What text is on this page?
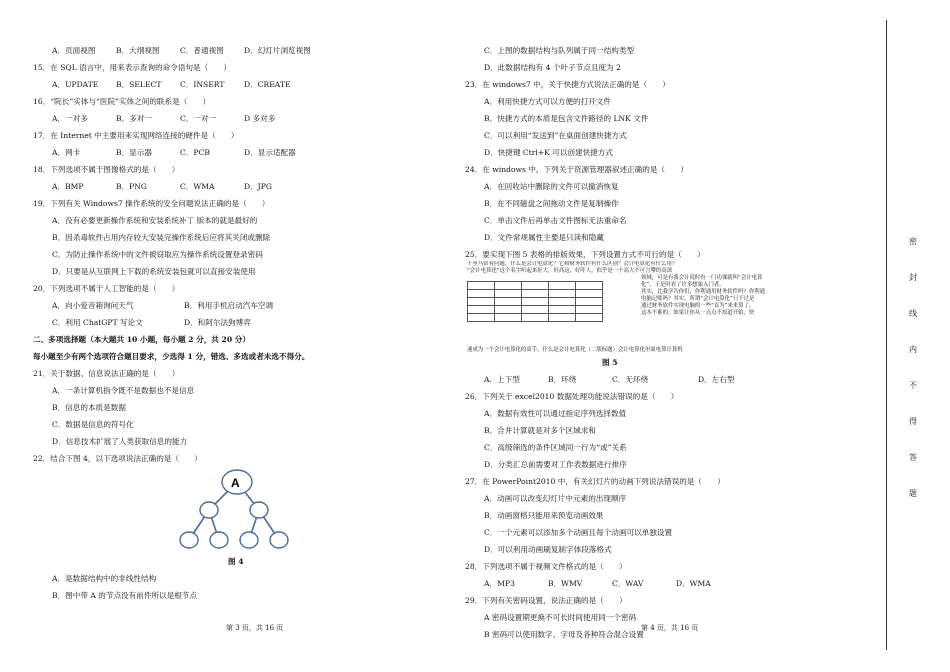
A．页面视图	B．大纲视图	C．普通视图	D．幻灯片浏览视图
15．在 SQL 语言中，用来表示查询的命令语句是（　　）
A．UPDATE B．SELECT C．INSERT	D．CREATE
16．“院长”实体与“医院”实体之间的联系是（　　）
A．一对多	B．多对一	C．一对一	D 多对多
17．在 Internet 中主要用来实现网络连接的硬件是（　　）
A．网卡	B．显示器	C．PCB	D．显示适配器
18．下列选项不属于图像格式的是（　　）
A．BMP	B．PNG	C．WMA	D．JPG
19．下列有关 Windows7 操作系统的安全问题说法正确的是（　　）
A．没有必要更新操作系统和安装系统补丁 版本的就是最好的
B．因杀毒软件占用内存较大安装完操作系统后应将其关闭或删除
C．为防止操作系统中的文件被窃取应为操作系统设置登录密码
D．只要是从互联网上下载的系统安装包就可以直接安装使用
20．下列选项不属于人工智能的是（　　）
A．向小爱音箱询问天气	B．利用手机启动汽车空调
C．利用 ChatGPT 写论文	D．和阿尔法狗博弈
二、多项选择题（本大题共 10 小题，每小题 2 分，共 20 分）
每小题至少有两个选项符合题目要求，少选得 1 分，错选、多选或者未选不得分。
21．关于数据、信息说法正确的是（　　）
A．一条计算机指令既不是数据也不是信息
B．信息的本质是数据
C．数据是信息的符号化
D．信息技术扩展了人类获取信息的能力
22．结合下图 4，以下选项说法正确的是（　　）
A
图 4
A．是数据结构中的非线性结构
B．图中带 A 的节点没有前件所以是根节点
第 3 页，共 16 页
C．上图的数据结构与队列属于同一结构类型
D．此数据结构有 4 个叶子节点且度为 2
23．在 windows7 中，关于快捷方式说法正确的是（　　）
A．利用快捷方式可以方便的打开文件
B．快捷方式的本质是包含文件路径的 LNK 文件
C．可以利用“发送到”在桌面创建快捷方式
D．快捷键 Ctrl+K 可以创建快捷方式
24．在 windows 中，下列关于资源管理器叙述正确的是（　　）
A．在回收站中删除的文件可以撤消恢复
B．在不同磁盘之间拖动文件是复制操作
C．单击文件后再单击文件图标无法重命名
D．文件常规属性主要是只读和隐藏
25．要实现下图 5 表格的排版效果，下列设置方式不可行的是（　　）
千里马常有问题，什么是会计电算化？它和财务软件有什么区别？会计电算化有什么用？
“会计电算化”这个名字听起来好大，好高这，好吓人，似乎是一个高大不可言攀的高深

领域，可是有我会计说时有一门功课就叫“会计电算
化”，千是时看了许多想象入门者。
其实，比我学告你们，你利通用财务软件吗？你利通
电脑记账吗？其实，所谓“会计电算化”只不过是
通过财务软件实现电脑的一些“首为”来来算了，
这本不难的。如果让你从一点点不知道开始，快
速成为一个会计电算化的高手，什么是会计电算化（二版标题）会计电算化里面电算计算机
图 5
A．上下型	B．环绕	C．无环绕	D．左右型
26．下列关于 excel2010 数据处理功能说法错误的是（　　）
A．数据有效性可以通过指定序列选择数值
B．合并计算就是对多个区域求和
C．高级筛选的条件区域同一行为“或”关系
D．分类汇总前需要对工作表数据进行排序
27．在 PowerPoint2010 中，有关幻灯片的动画下列说法错误的是（　　）
A．动画可以改变幻灯片中元素的出现顺序
B．动画窗格只能用来预览动画效果
C．一个元素可以添加多个动画且每个动画可以单独设置
D．可以利用动画刷复制字体段落格式
28．下列选项不属于视频文件格式的是（　　）
A．MP3	B．WMV	C．WAV	D．WMA
29．下列有关密码设置，说法正确的是（　　）
A 密码设置期更换不可长时间使用同一个密码
B 密码可以使用数字、字母及各种符合混合设置
第 4 页，共 16 页
密
封
线
内
不
得
答
题
